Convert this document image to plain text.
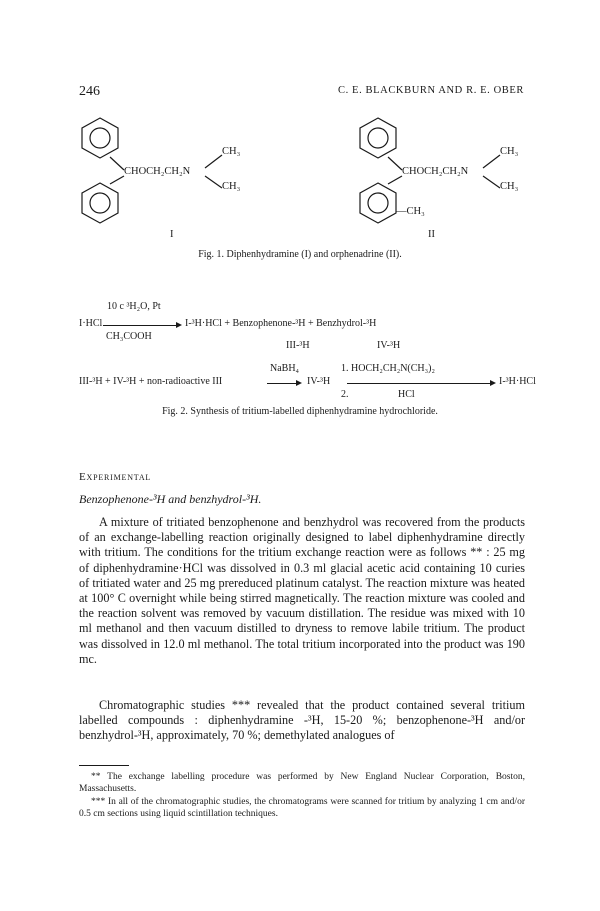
246	C. E. BLACKBURN AND R. E. OBER
CHOCH₂CH₂N
CH₃
CH₃
I
CHOCH₂CH₂N
CH₃
CH₃
—CH₃
II
Fig. 1. Diphenhydramine (I) and orphenadrine (II).
10 c ³H₂O, Pt
I·HCl
CH₃COOH
I-³H·HCl + Benzophenone-³H + Benzhydrol-³H
III-³H	IV-³H
NaBH₄	1. HOCH₂CH₂N(CH₃)₂
III-³H + IV-³H + non-radioactive III	IV-³H	I-³H·HCl
2.	HCl
Fig. 2. Synthesis of tritium-labelled diphenhydramine hydrochloride.
Experimental
Benzophenone-³H and benzhydrol-³H.
A mixture of tritiated benzophenone and benzhydrol was recovered from the products of an exchange-labelling reaction originally designed to label diphenhydramine directly with tritium. The conditions for the tritium exchange reaction were as follows ** : 25 mg of diphenhydramine·HCl was dissolved in 0.3 ml glacial acetic acid containing 10 curies of tritiated water and 25 mg prereduced platinum catalyst. The reaction mixture was heated at 100° C overnight while being stirred magnetically. The reaction mixture was cooled and the reaction solvent was removed by vacuum distillation. The residue was mixed with 10 ml methanol and then vacuum distilled to dryness to remove labile tritium. The product was dissolved in 12.0 ml methanol. The total tritium incorporated into the product was 190 mc.
Chromatographic studies *** revealed that the product contained several tritium labelled compounds : diphenhydramine -³H, 15-20 %; benzophenone-³H and/or benzhydrol-³H, approximately, 70 %; demethylated analogues of
** The exchange labelling procedure was performed by New England Nuclear Corporation, Boston, Massachusetts.
*** In all of the chromatographic studies, the chromatograms were scanned for tritium by analyzing 1 cm and/or 0.5 cm sections using liquid scintillation techniques.
